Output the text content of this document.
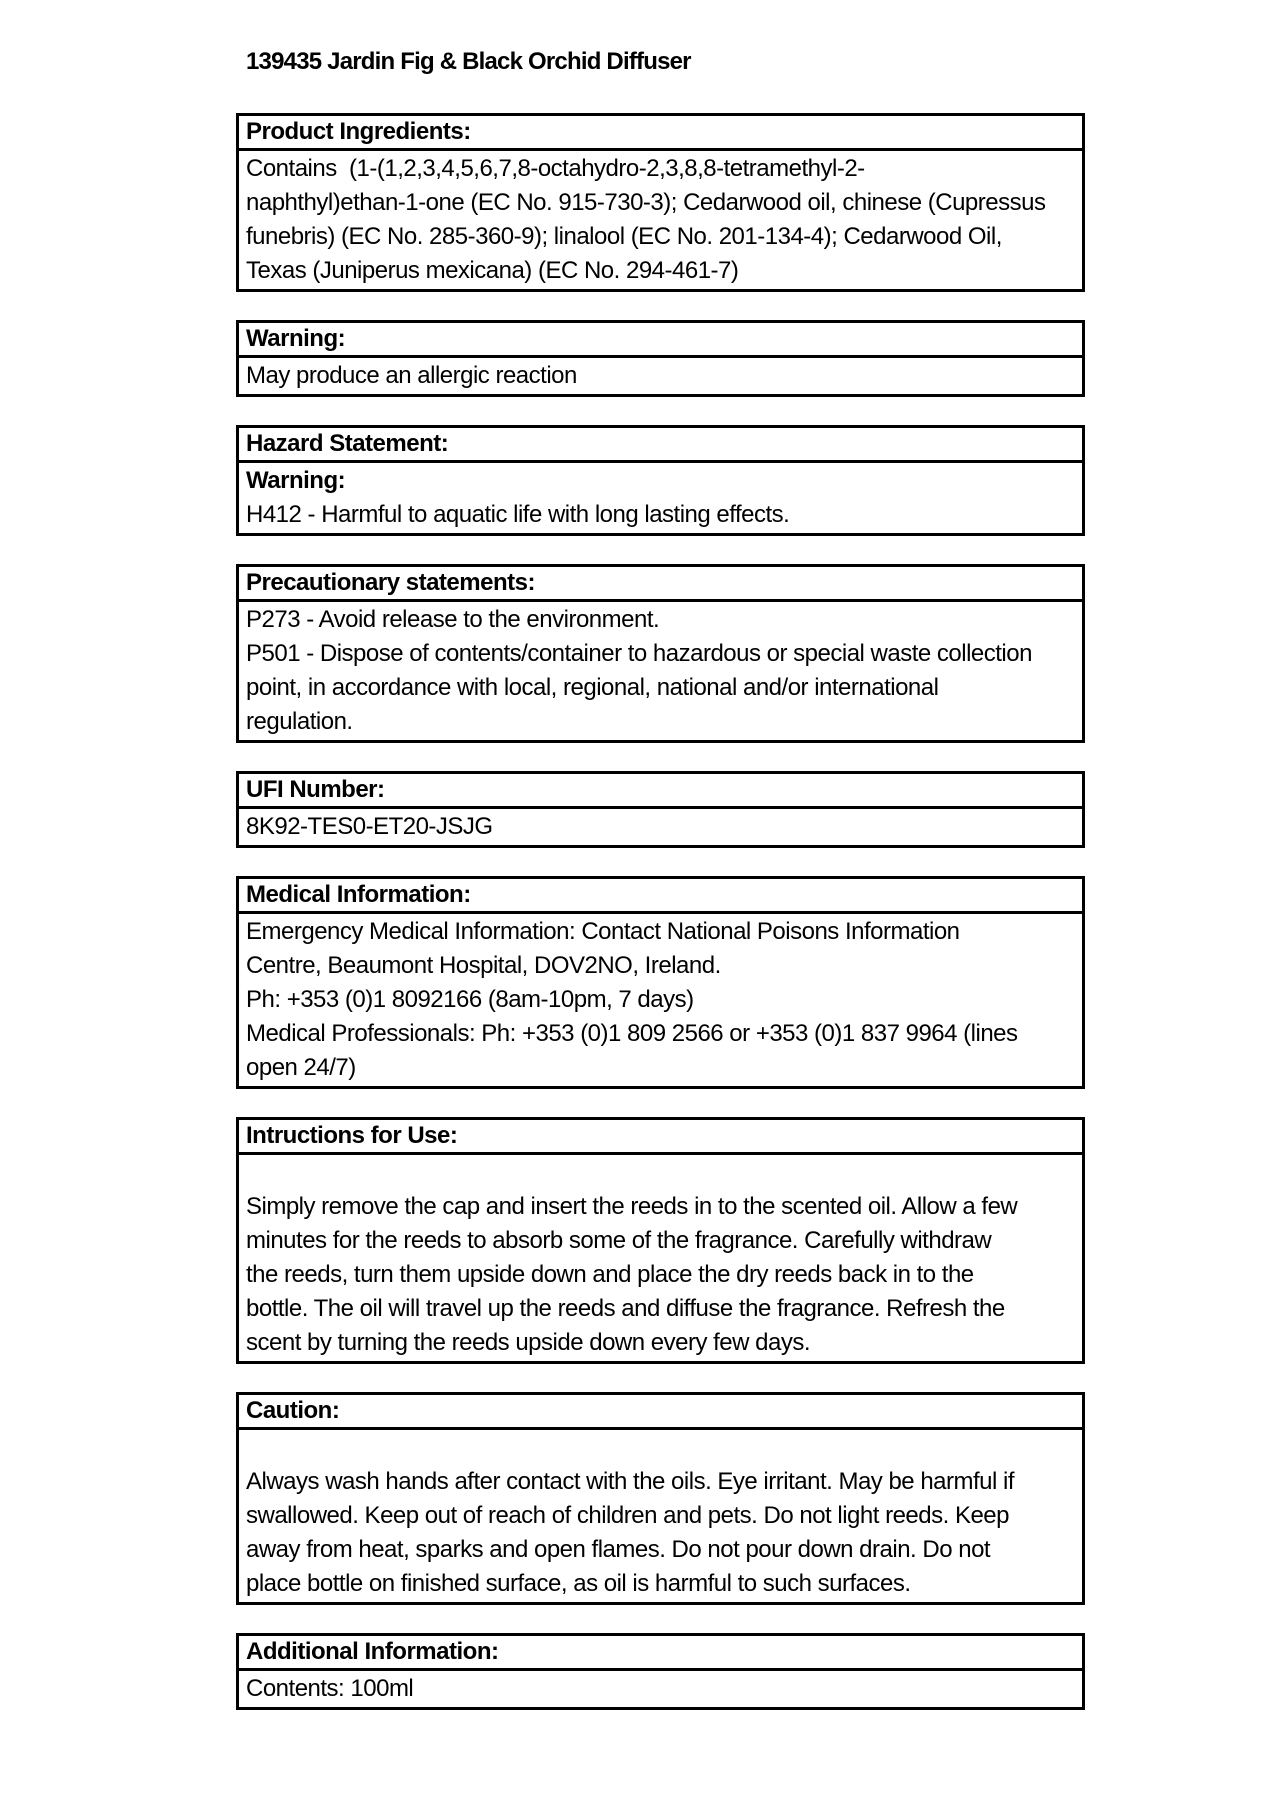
139435 Jardin Fig & Black Orchid Diffuser
Product Ingredients:
Contains  (1-(1,2,3,4,5,6,7,8-octahydro-2,3,8,8-tetramethyl-2-
naphthyl)ethan-1-one (EC No. 915-730-3); Cedarwood oil, chinese (Cupressus
funebris) (EC No. 285-360-9); linalool (EC No. 201-134-4); Cedarwood Oil,
Texas (Juniperus mexicana) (EC No. 294-461-7)
Warning:
May produce an allergic reaction
Hazard Statement:
Warning:
H412 - Harmful to aquatic life with long lasting effects.
Precautionary statements:
P273 - Avoid release to the environment.
P501 - Dispose of contents/container to hazardous or special waste collection
point, in accordance with local, regional, national and/or international
regulation.
UFI Number:
8K92-TES0-ET20-JSJG
Medical Information:
Emergency Medical Information: Contact National Poisons Information
Centre, Beaumont Hospital, DOV2NO, Ireland.
Ph: +353 (0)1 8092166 (8am-10pm, 7 days)
Medical Professionals: Ph: +353 (0)1 809 2566 or +353 (0)1 837 9964 (lines
open 24/7)
Intructions for Use:
Simply remove the cap and insert the reeds in to the scented oil. Allow a few
minutes for the reeds to absorb some of the fragrance. Carefully withdraw
the reeds, turn them upside down and place the dry reeds back in to the
bottle. The oil will travel up the reeds and diffuse the fragrance. Refresh the
scent by turning the reeds upside down every few days.
Caution:
Always wash hands after contact with the oils. Eye irritant. May be harmful if
swallowed. Keep out of reach of children and pets. Do not light reeds. Keep
away from heat, sparks and open flames. Do not pour down drain. Do not
place bottle on finished surface, as oil is harmful to such surfaces.
Additional Information:
Contents: 100ml
